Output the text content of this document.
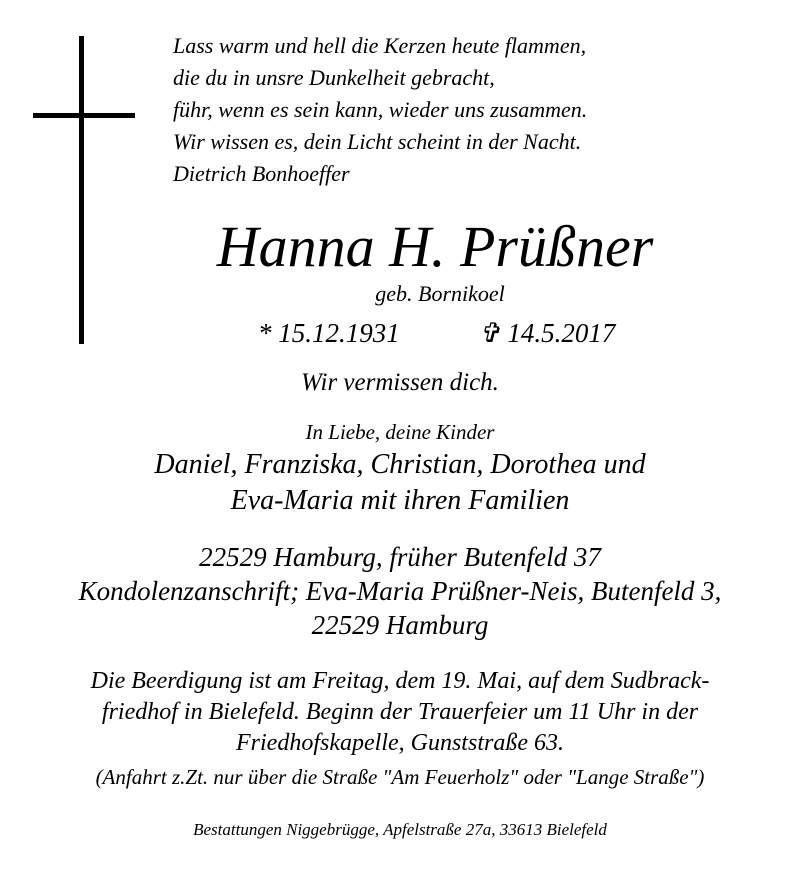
Lass warm und hell die Kerzen heute flammen,
die du in unsre Dunkelheit gebracht,
führ, wenn es sein kann, wieder uns zusammen.
Wir wissen es, dein Licht scheint in der Nacht.
Dietrich Bonhoeffer
Hanna H. Prüßner
geb. Bornikoel
* 15.12.1931	✞ 14.5.2017
Wir vermissen dich.
In Liebe, deine Kinder
Daniel, Franziska, Christian, Dorothea und
Eva-Maria mit ihren Familien
22529 Hamburg, früher Butenfeld 37
Kondolenzanschrift; Eva-Maria Prüßner-Neis, Butenfeld 3,
22529 Hamburg
Die Beerdigung ist am Freitag, dem 19. Mai, auf dem Sudbrack-
friedhof in Bielefeld. Beginn der Trauerfeier um 11 Uhr in der
Friedhofskapelle, Gunststraße 63.
(Anfahrt z.Zt. nur über die Straße "Am Feuerholz" oder "Lange Straße")
Bestattungen Niggebrügge, Apfelstraße 27a, 33613 Bielefeld
